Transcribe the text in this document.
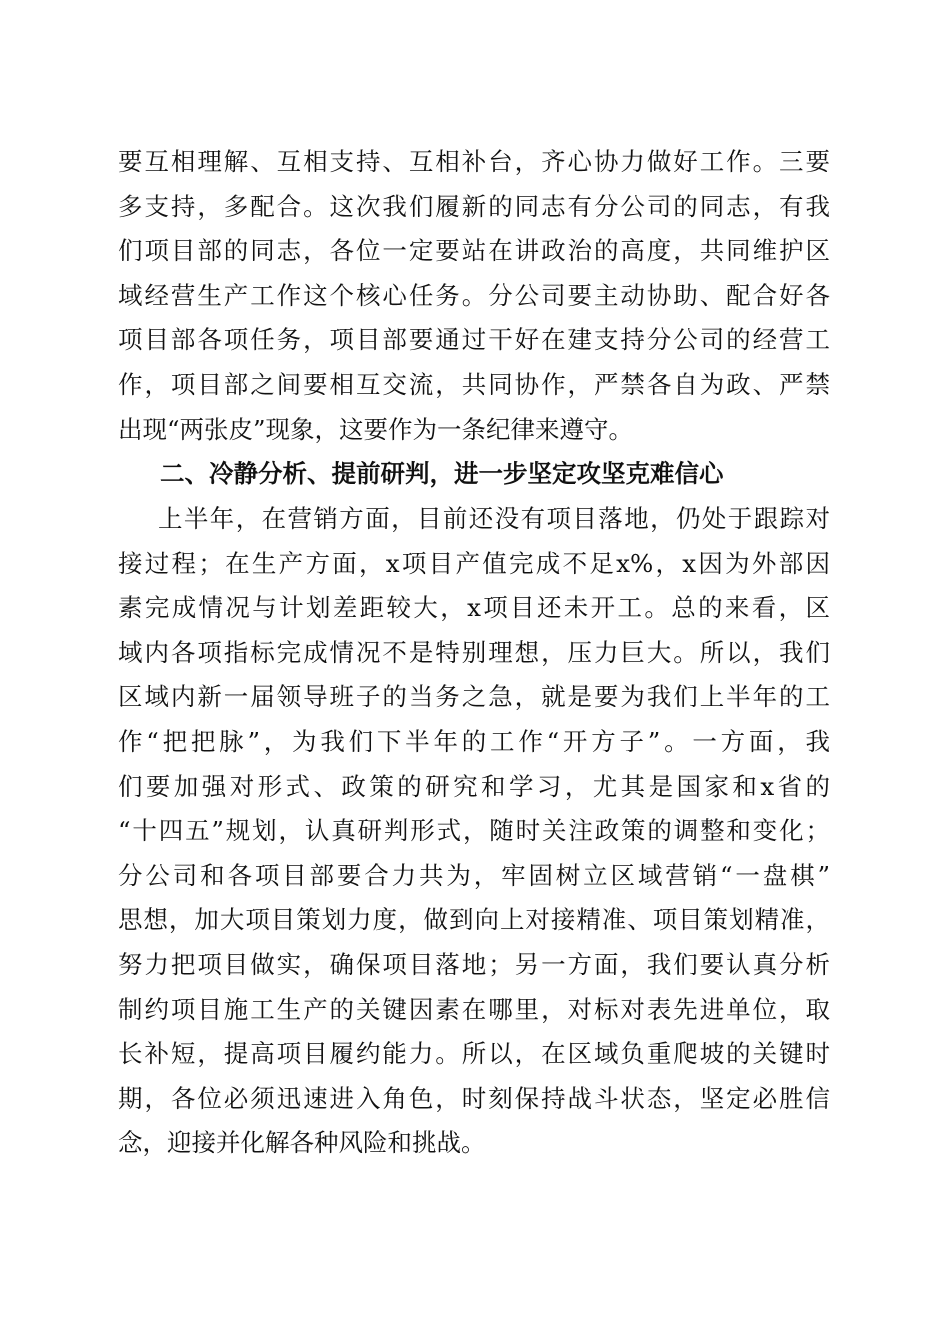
要互相理解、互相支持、互相补台，齐心协力做好工作。三要
多支持，多配合。这次我们履新的同志有分公司的同志，有我
们项目部的同志，各位一定要站在讲政治的高度，共同维护区
域经营生产工作这个核心任务。分公司要主动协助、配合好各
项目部各项任务，项目部要通过干好在建支持分公司的经营工
作，项目部之间要相互交流，共同协作，严禁各自为政、严禁
出现“两张皮”现象，这要作为一条纪律来遵守。
二、冷静分析、提前研判，进一步坚定攻坚克难信心
上半年，在营销方面，目前还没有项目落地，仍处于跟踪对
接过程；在生产方面，x项目产值完成不足x%，x因为外部因
素完成情况与计划差距较大，x项目还未开工。总的来看，区
域内各项指标完成情况不是特别理想，压力巨大。所以，我们
区域内新一届领导班子的当务之急，就是要为我们上半年的工
作“把把脉”，为我们下半年的工作“开方子”。一方面，我
们要加强对形式、政策的研究和学习，尤其是国家和x省的
“十四五”规划，认真研判形式，随时关注政策的调整和变化；
分公司和各项目部要合力共为，牢固树立区域营销“一盘棋”
思想，加大项目策划力度，做到向上对接精准、项目策划精准，
努力把项目做实，确保项目落地；另一方面，我们要认真分析
制约项目施工生产的关键因素在哪里，对标对表先进单位，取
长补短，提高项目履约能力。所以，在区域负重爬坡的关键时
期，各位必须迅速进入角色，时刻保持战斗状态，坚定必胜信
念，迎接并化解各种风险和挑战。
